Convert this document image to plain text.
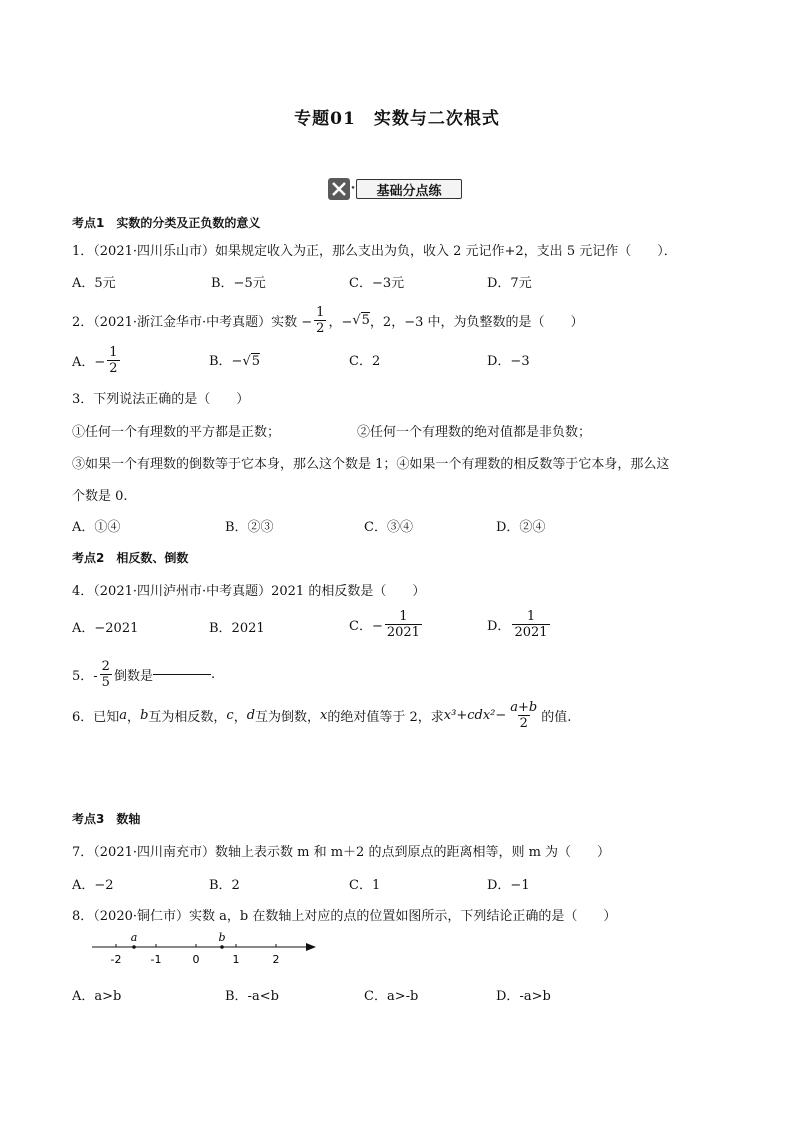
专题01　实数与二次根式
•	基础分点练
考点1 实数的分类及正负数的意义
1．（2021·四川乐山市）如果规定收入为正，那么支出为负，收入 2 元记作+2，支出 5 元记作（　　）．
A．5元	B．−5元	C．−3元	D．7元
2．（2021·浙江金华市·中考真题）实数 − $\frac{1}{2}$ ，− √ 5 ，2，−3 中，为负整数的是（　　）
A．− $\frac{1}{2}$	B．−√5	C．2	D．−3
3．下列说法正确的是（　　）
①任何一个有理数的平方都是正数；	②任何一个有理数的绝对值都是非负数；
③如果一个有理数的倒数等于它本身，那么这个数是 1；④如果一个有理数的相反数等于它本身，那么这
个数是 0.
A．①④	B．②③	C．③④	D．②④
考点2 相反数、倒数
4．（2021·四川泸州市·中考真题）2021 的相反数是（　　）
A．−2021	B．2021	C．− $\frac{1}{2021}$	D． $\frac{1}{2021}$
5．- $\frac{2}{5}$ 倒数是	.
6．已知 a ， b 互为相反数， c ， d 互为倒数， x 的绝对值等于 2，求 $x^3+cdx^2- \frac{a+b}{2}$ 的值.
考点3 数轴
7．（2021·四川南充市）数轴上表示数 m 和 m＋2 的点到原点的距离相等，则 m 为（　　）
A．−2	B．2	C．1	D．−1
8．（2020·铜仁市）实数 a，b 在数轴上对应的点的位置如图所示，下列结论正确的是（　　）
-2	-1	0	1	2
a	b
A．a>b	B．-a<b	C．a>-b	D．-a>b
